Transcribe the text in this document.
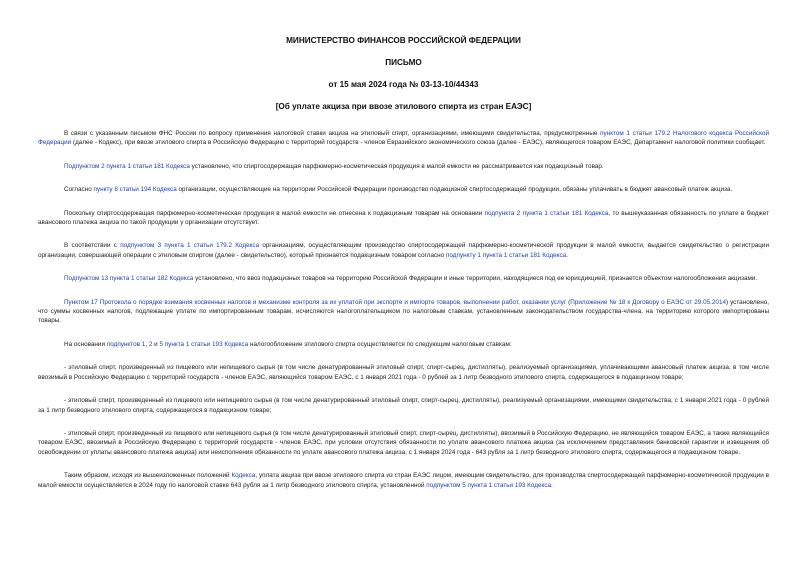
МИНИСТЕРСТВО ФИНАНСОВ РОССИЙСКОЙ ФЕДЕРАЦИИ
ПИСЬМО
от 15 мая 2024 года № 03-13-10/44343
[Об уплате акциза при ввозе этилового спирта из стран ЕАЭС]

В связи с указанным письмом ФНС России по вопросу применения налоговой ставки акциза на этиловый спирт, организациями, имеющими свидетельства, предусмотренные пунктом 1 статьи 179.2 Налогового кодекса Российской Федерации (далее - Кодекс), при ввозе этилового спирта в Российскую Федерацию с территорий государств - членов Евразийского экономического союза (далее - ЕАЭС), являющегося товаром ЕАЭС, Департамент налоговой политики сообщает.

Подпунктом 2 пункта 1 статьи 181 Кодекса установлено, что спиртосодержащая парфюмерно-косметическая продукция в малой емкости не рассматривается как подакцизный товар.

Согласно пункту 8 статьи 194 Кодекса организации, осуществляющие на территории Российской Федерации производство подакцизной спиртосодержащей продукции, обязаны уплачивать в бюджет авансовый платеж акциза.

Поскольку спиртосодержащая парфюмерно-косметическая продукция в малой емкости не отнесена к подакцизным товарам на основании подпункта 2 пункта 1 статьи 181 Кодекса, то вышеуказанная обязанность по уплате в бюджет авансового платежа акциза по такой продукции у организации отсутствует.

В соответствии с подпунктом 3 пункта 1 статьи 179.2 Кодекса организациям, осуществляющим производство спиртосодержащей парфюмерно-косметической продукции в малой емкости, выдается свидетельство о регистрации организации, совершающей операции с этиловым спиртом (далее - свидетельство), который признается подакцизным товаром согласно подпункту 1 пункта 1 статьи 181 Кодекса.

Подпунктом 13 пункта 1 статьи 182 Кодекса установлено, что ввоз подакцизных товаров на территорию Российской Федерации и иные территории, находящиеся под ее юрисдикцией, признается объектом налогообложения акцизами.

Пунктом 17 Протокола о порядке взимания косвенных налогов и механизме контроля за их уплатой при экспорте и импорте товаров, выполнении работ, оказании услуг (Приложение № 18 к Договору о ЕАЭС от 29.05.2014) установлено, что суммы косвенных налогов, подлежащие уплате по импортированным товарам, исчисляются налогоплательщиком по налоговым ставкам, установленным законодательством государства-члена, на территорию которого импортированы товары.

На основании подпунктов 1, 2 и 5 пункта 1 статьи 193 Кодекса налогообложение этилового спирта осуществляется по следующим налоговым ставкам:

- этиловый спирт, произведенный из пищевого или непищевого сырья (в том числе денатурированный этиловый спирт, спирт-сырец, дистилляты), реализуемый организациями, уплачивающими авансовый платеж акциза, в том числе ввозимый в Российскую Федерацию с территорий государств - членов ЕАЭС, являющийся товаром ЕАЭС, с 1 января 2021 года - 0 рублей за 1 литр безводного этилового спирта, содержащегося в подакцизном товаре;

- этиловый спирт, произведенный из пищевого или непищевого сырья (в том числе денатурированный этиловый спирт, спирт-сырец, дистилляты), реализуемый организациями, имеющими свидетельства, с 1 января 2021 года - 0 рублей за 1 литр безводного этилового спирта, содержащегося в подакцизном товаре;

- этиловый спирт, произведенный из пищевого или непищевого сырья (в том числе денатурированный этиловый спирт, спирт-сырец, дистилляты), ввозимый в Российскую Федерацию, не являющийся товаром ЕАЭС, а также являющийся товаром ЕАЭС, ввозимый в Российскую Федерацию с территорий государств - членов ЕАЭС, при условии отсутствия обязанности по уплате авансового платежа акциза (за исключением представления банковской гарантии и извещения об освобождении от уплаты авансового платежа акциза) или неисполнения обязанности по уплате авансового платежа акциза, с 1 января 2024 года - 643 рубля за 1 литр безводного этилового спирта, содержащегося в подакцизном товаре.

Таким образом, исходя из вышеизложенных положений Кодекса, уплата акциза при ввозе этилового спирта из стран ЕАЭС лицом, имеющим свидетельство, для производства спиртосодержащей парфюмерно-косметической продукции в малой емкости осуществляется в 2024 году по налоговой ставке 643 рубля за 1 литр безводного этилового спирта, установленной подпунктом 5 пункта 1 статьи 193 Кодекса.
